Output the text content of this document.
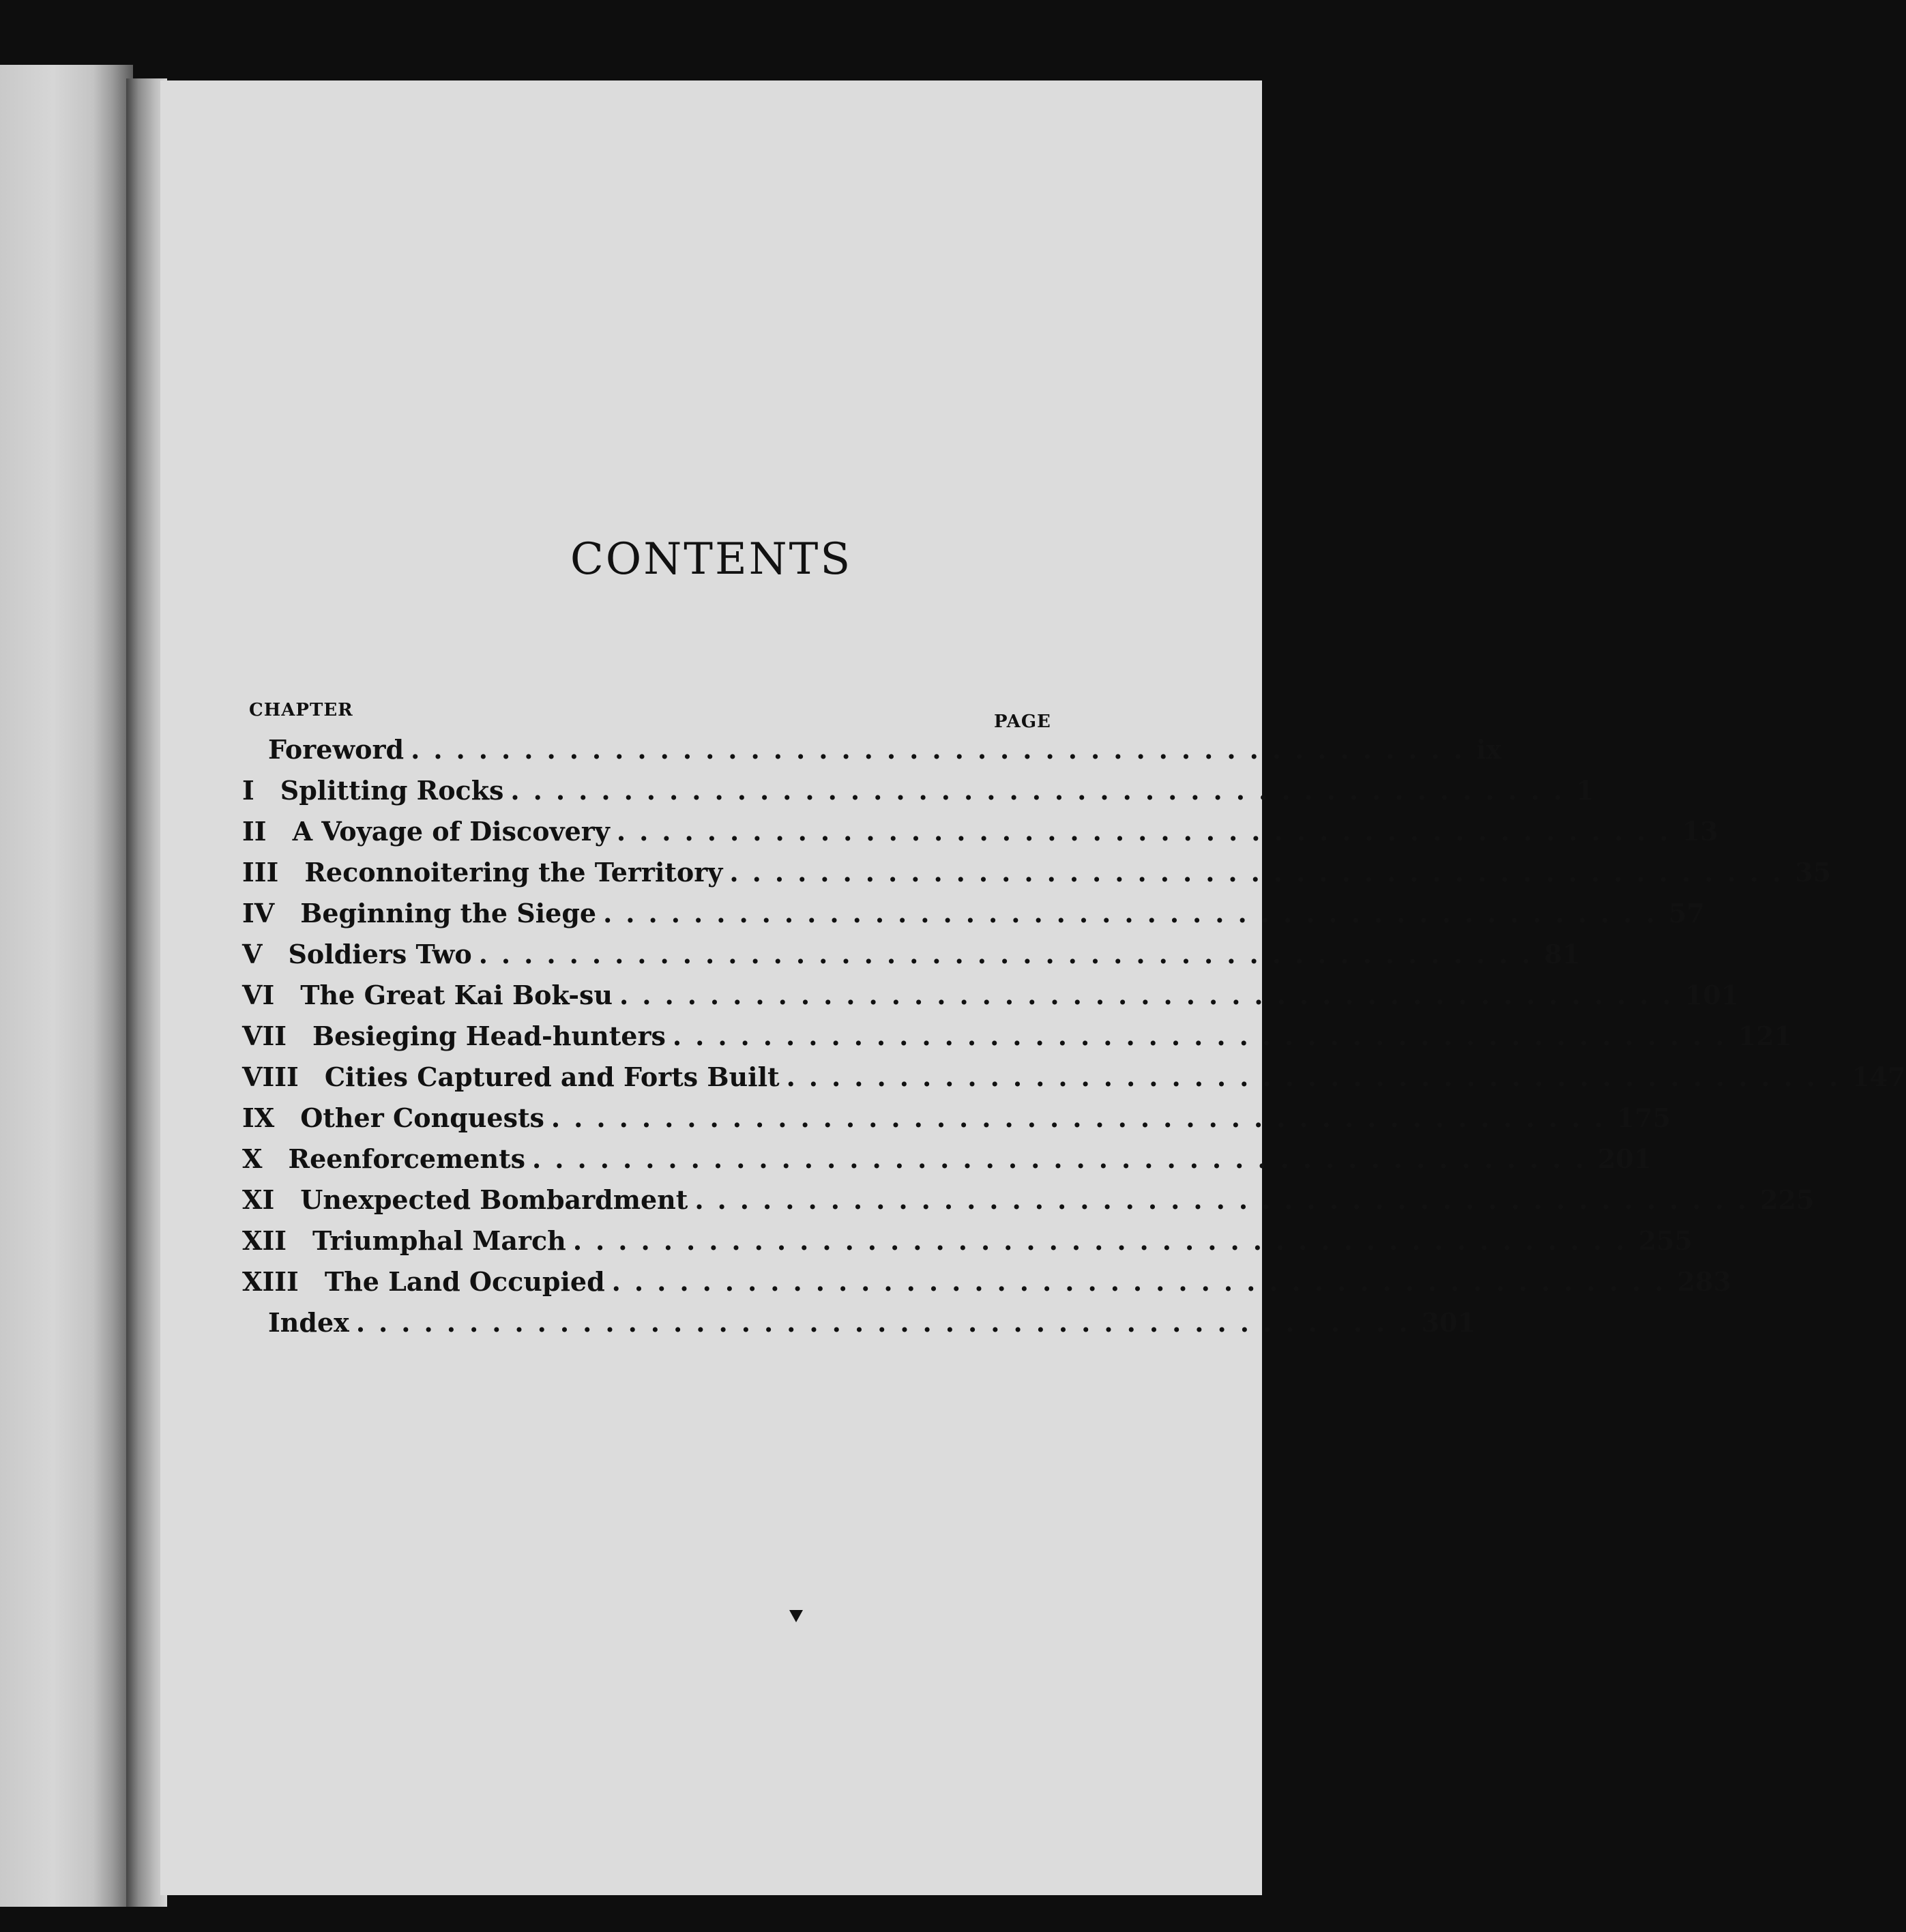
CONTENTS
CHAPTER
PAGE
Foreword ............................................... ix
I	Splitting Rocks ............................................... 1
II	A Voyage of Discovery ............................................... 13
III	Reconnoitering the Territory ............................................... 35
IV	Beginning the Siege ............................................... 57
V	Soldiers Two ............................................... 81
VI	The Great Kai Bok-su ............................................... 101
VII	Besieging Head-hunters ............................................... 121
VIII	Cities Captured and Forts Built ............................................... 147
IX	Other Conquests ............................................... 175
X	Reenforcements ............................................... 201
XI	Unexpected Bombardment ............................................... 225
XII	Triumphal March ............................................... 255
XIII	The Land Occupied ............................................... 283
Index ............................................... 301
